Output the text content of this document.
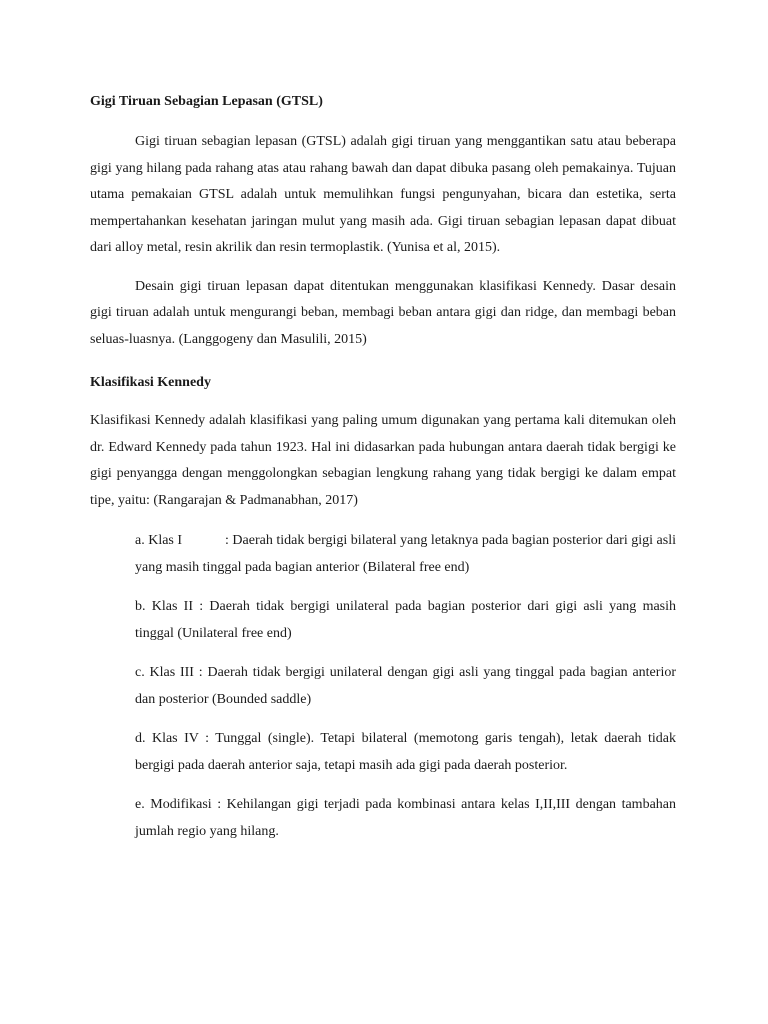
Gigi Tiruan Sebagian Lepasan (GTSL)

Gigi tiruan sebagian lepasan (GTSL) adalah gigi tiruan yang menggantikan satu atau beberapa gigi yang hilang pada rahang atas atau rahang bawah dan dapat dibuka pasang oleh pemakainya. Tujuan utama pemakaian GTSL adalah untuk memulihkan fungsi pengunyahan, bicara dan estetika, serta mempertahankan kesehatan jaringan mulut yang masih ada. Gigi tiruan sebagian lepasan dapat dibuat dari alloy metal, resin akrilik dan resin termoplastik. (Yunisa et al, 2015).

Desain gigi tiruan lepasan dapat ditentukan menggunakan klasifikasi Kennedy. Dasar desain gigi tiruan adalah untuk mengurangi beban, membagi beban antara gigi dan ridge, dan membagi beban seluas-luasnya. (Langgogeny dan Masulili, 2015)

Klasifikasi Kennedy

Klasifikasi Kennedy adalah klasifikasi yang paling umum digunakan yang pertama kali ditemukan oleh dr. Edward Kennedy pada tahun 1923. Hal ini didasarkan pada hubungan antara daerah tidak bergigi ke gigi penyangga dengan menggolongkan sebagian lengkung rahang yang tidak bergigi ke dalam empat tipe, yaitu: (Rangarajan & Padmanabhan, 2017)

a. Klas I	: Daerah tidak bergigi bilateral yang letaknya pada bagian posterior dari gigi asli yang masih tinggal pada bagian anterior (Bilateral free end)

b. Klas II : Daerah tidak bergigi unilateral pada bagian posterior dari gigi asli yang masih tinggal (Unilateral free end)

c. Klas III : Daerah tidak bergigi unilateral dengan gigi asli yang tinggal pada bagian anterior dan posterior (Bounded saddle)

d. Klas IV : Tunggal (single). Tetapi bilateral (memotong garis tengah), letak daerah tidak bergigi pada daerah anterior saja, tetapi masih ada gigi pada daerah posterior.

e. Modifikasi : Kehilangan gigi terjadi pada kombinasi antara kelas I,II,III dengan tambahan jumlah regio yang hilang.
